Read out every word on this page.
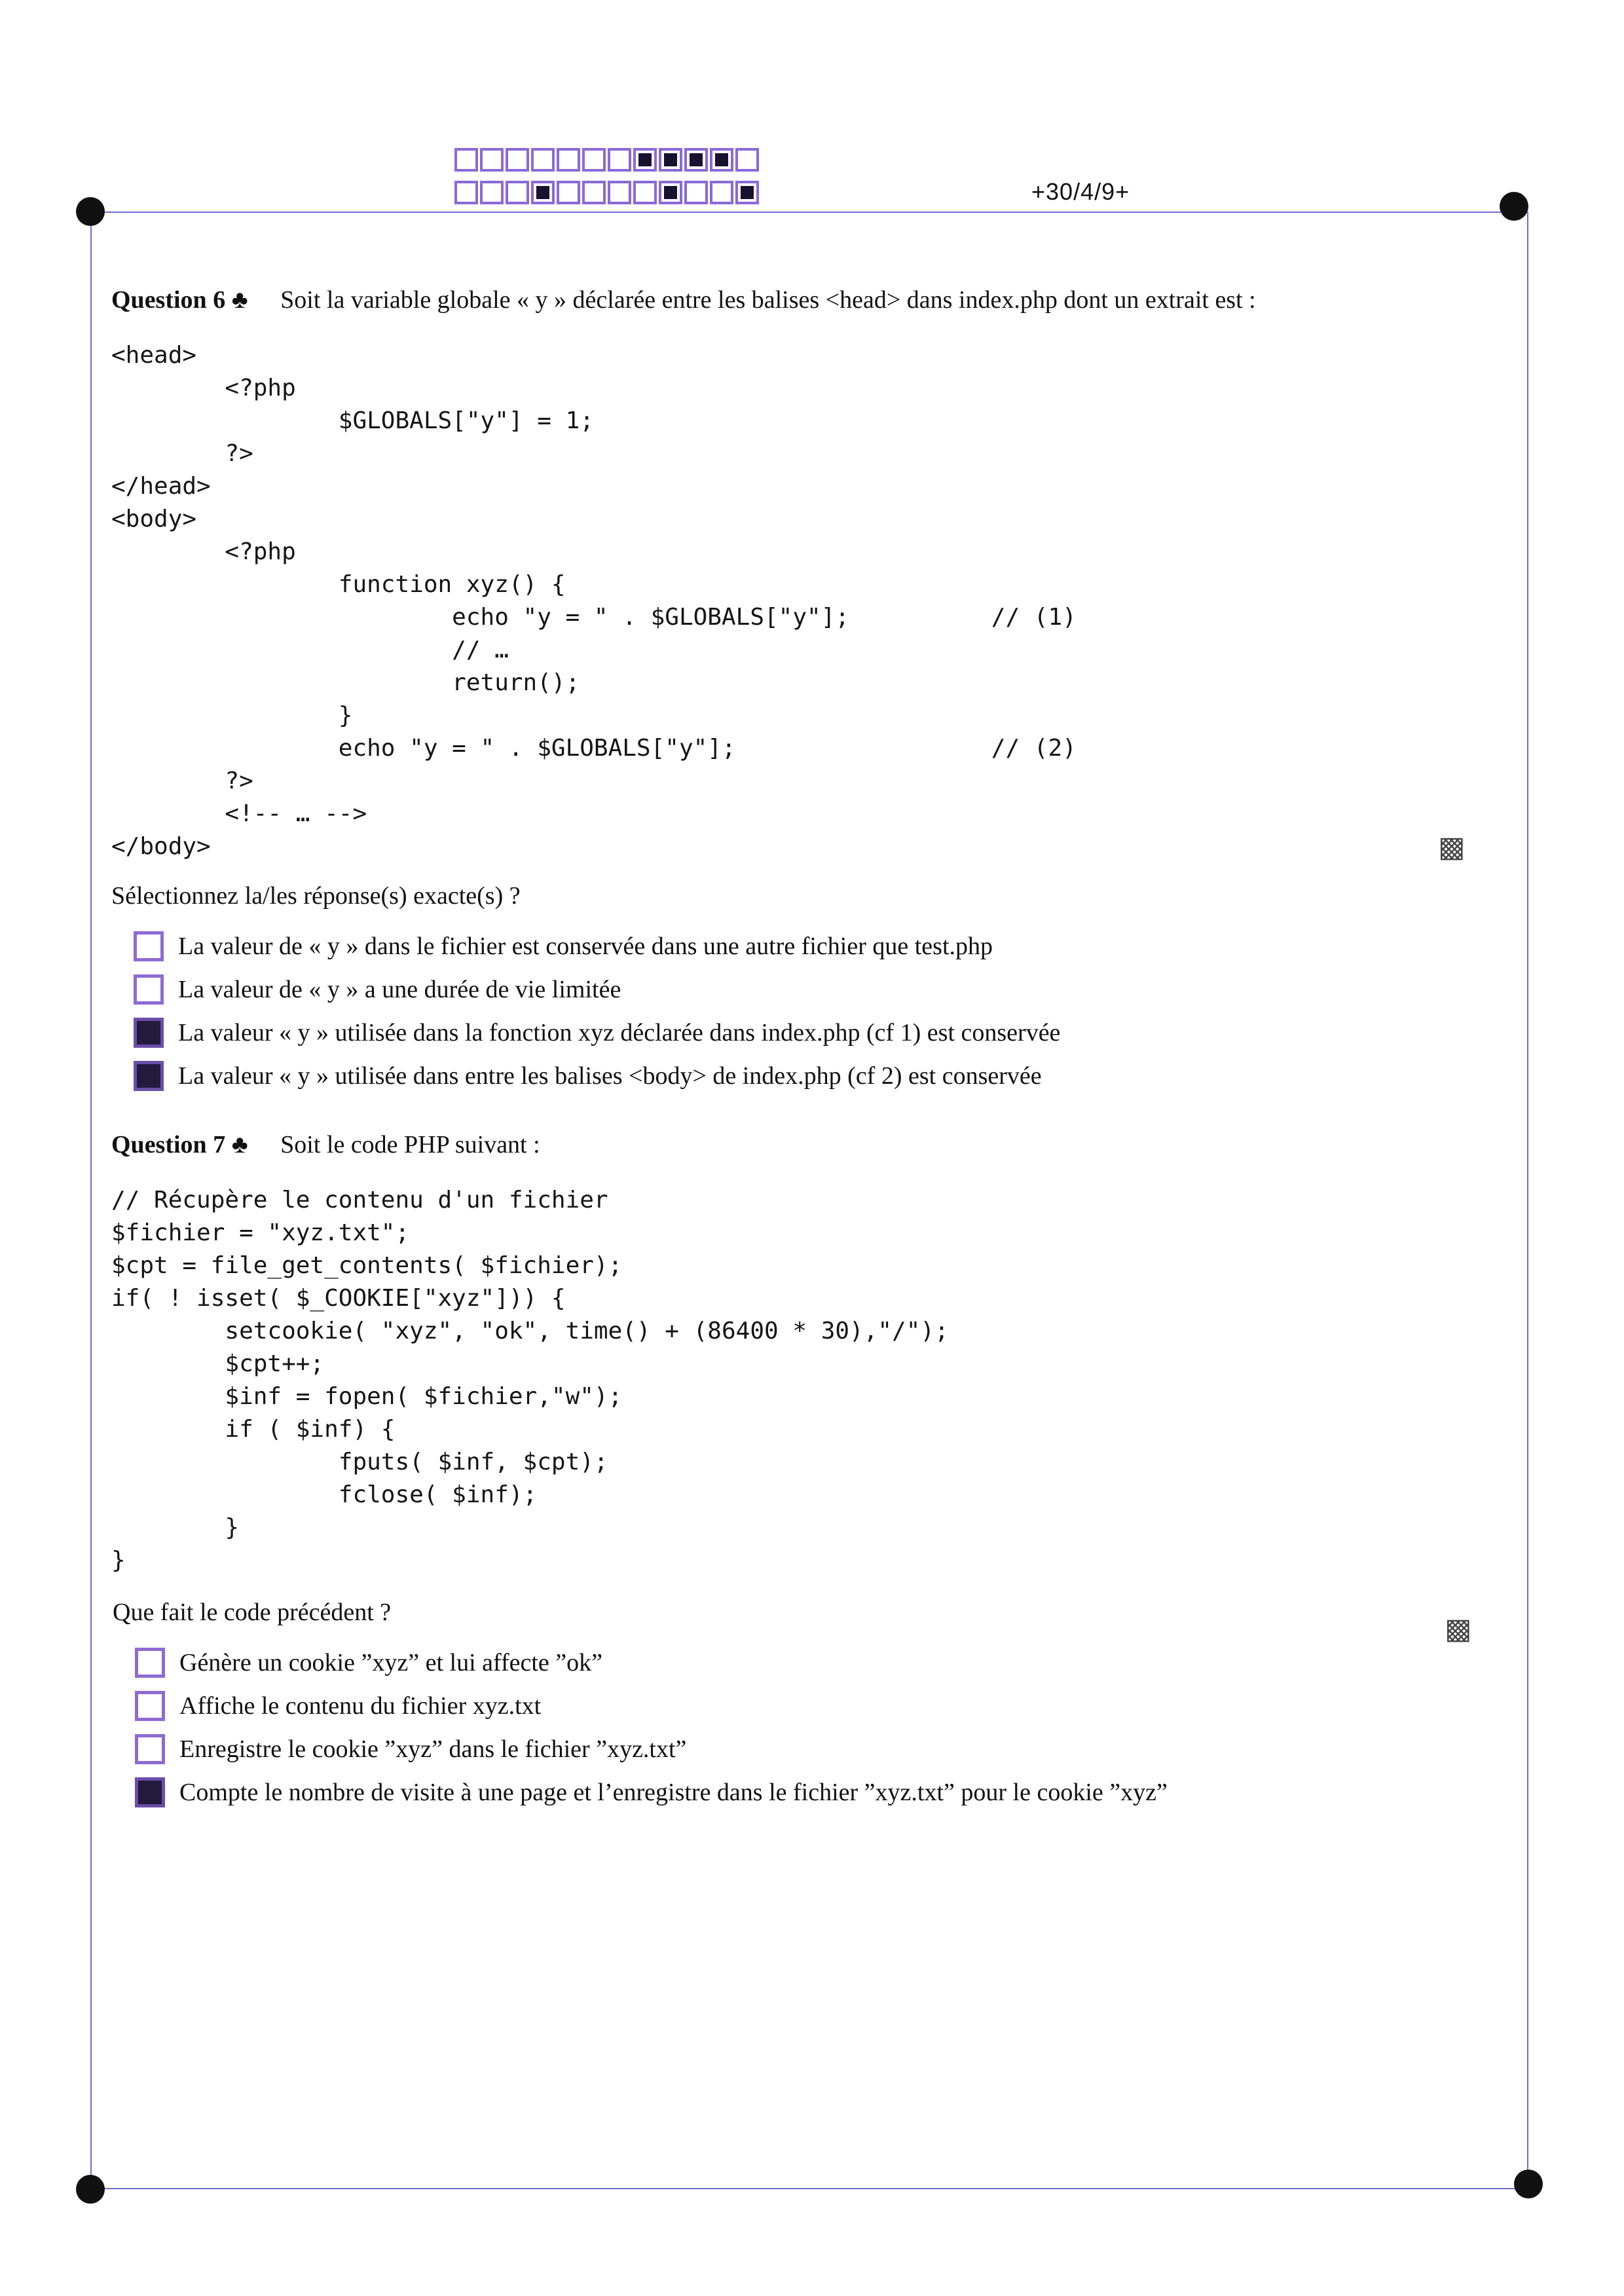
+30/4/9+
Question 6 ♣ Soit la variable globale « y » déclarée entre les balises <head> dans index.php dont un extrait est :
<head>
<?php
$GLOBALS["y"] = 1;
?>
</head>
<body>
<?php
function xyz() {
echo "y = " . $GLOBALS["y"];          // (1)
// …
return();
}
echo "y = " . $GLOBALS["y"];                  // (2)
?>
<!-- … -->
</body>
Sélectionnez la/les réponse(s) exacte(s) ?
La valeur de « y » dans le fichier est conservée dans une autre fichier que test.php
La valeur de « y » a une durée de vie limitée
La valeur « y » utilisée dans la fonction xyz déclarée dans index.php (cf 1) est conservée
La valeur « y » utilisée dans entre les balises <body> de index.php (cf 2) est conservée
▩
Question 7 ♣ Soit le code PHP suivant :
// Récupère le contenu d'un fichier
$fichier = "xyz.txt";
$cpt = file_get_contents( $fichier);
if( ! isset( $_COOKIE["xyz"])) {
setcookie( "xyz", "ok", time() + (86400 * 30),"/");
$cpt++;
$inf = fopen( $fichier,"w");
if ( $inf) {
fputs( $inf, $cpt);
fclose( $inf);
}
}
Que fait le code précédent ?
Génère un cookie ”xyz” et lui affecte ”ok”
Affiche le contenu du fichier xyz.txt
Enregistre le cookie ”xyz” dans le fichier ”xyz.txt”
Compte le nombre de visite à une page et l’enregistre dans le fichier ”xyz.txt” pour le cookie ”xyz”
▩
